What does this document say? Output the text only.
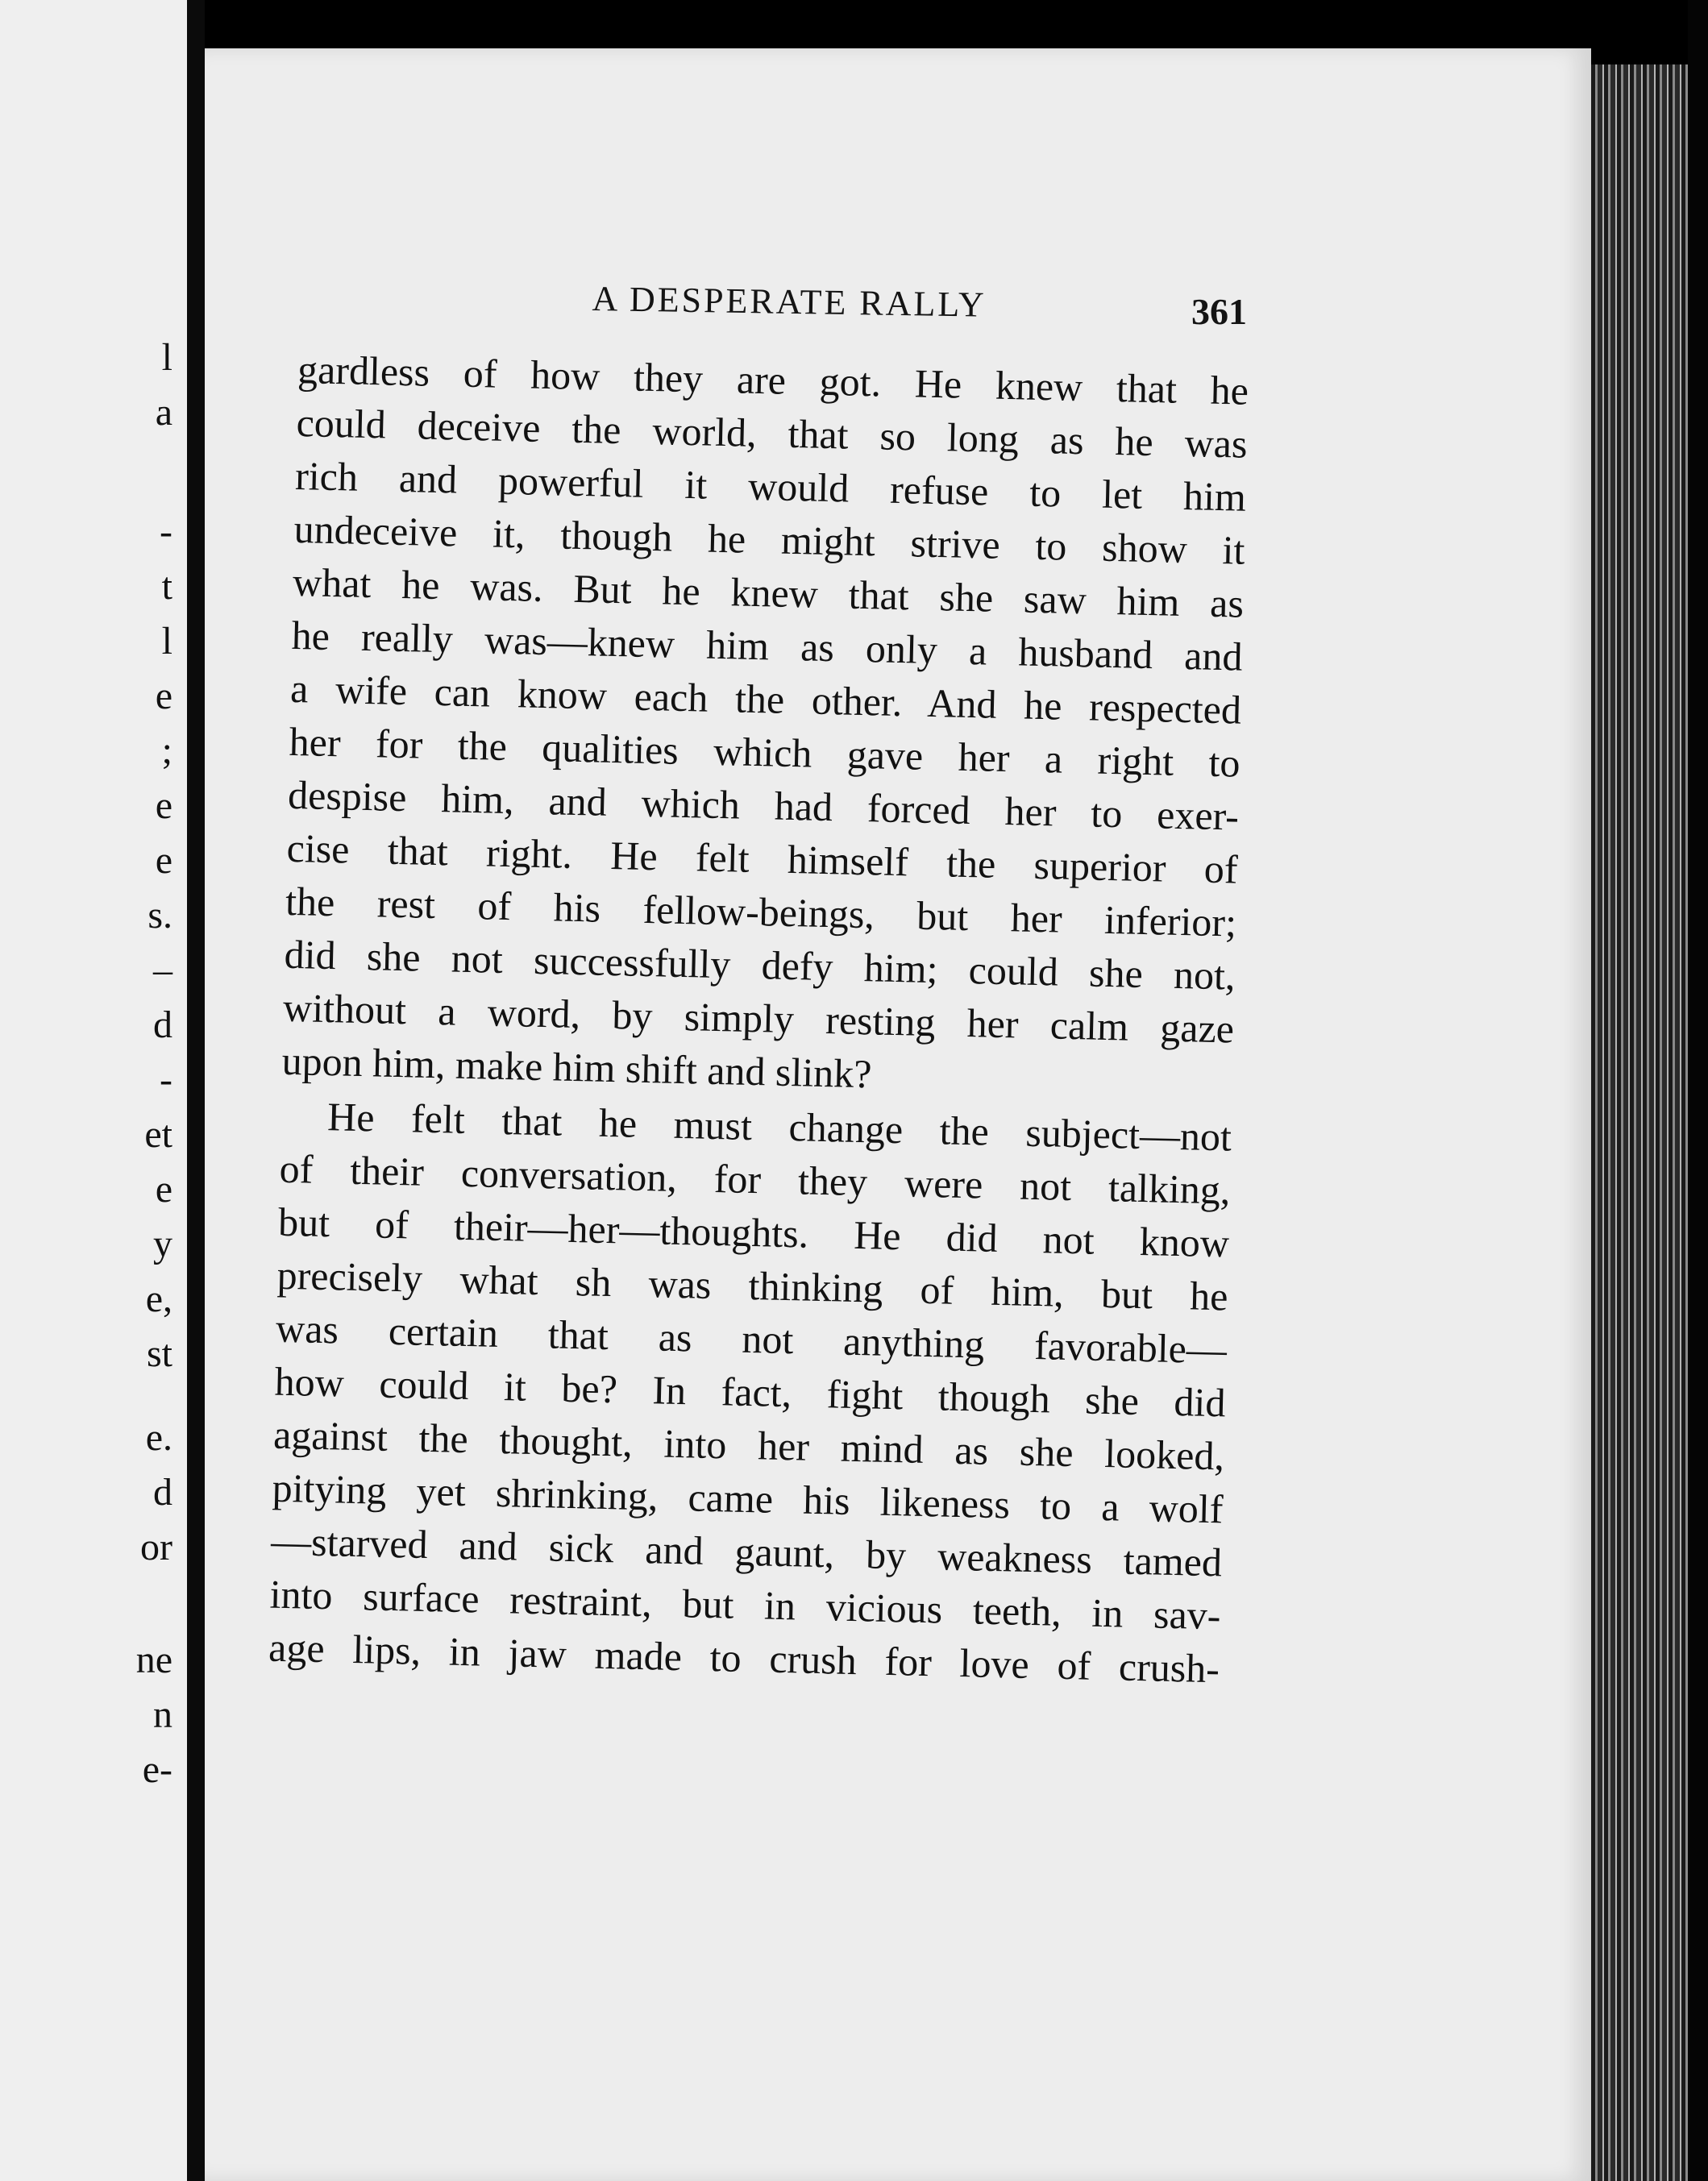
l
a
-
t
l
e
;
e
e
s.
–
d
-
et
e
y
e,
st
e.
d
or
ne
n
e-
A DESPERATE RALLY	361
gardless of how they are got. He knew that he
could deceive the world, that so long as he was
rich and powerful it would refuse to let him
undeceive it, though he might strive to show it
what he was. But he knew that she saw him as
he really was—knew him as only a husband and
a wife can know each the other. And he respected
her for the qualities which gave her a right to
despise him, and which had forced her to exer-
cise that right. He felt himself the superior of
the rest of his fellow-beings, but her inferior;
did she not successfully defy him; could she not,
without a word, by simply resting her calm gaze
upon him, make him shift and slink?
He felt that he must change the subject—not
of their conversation, for they were not talking,
but of their—her—thoughts. He did not know
precisely what sh was thinking of him, but he
was certain that as not anything favorable—
how could it be? In fact, fight though she did
against the thought, into her mind as she looked,
pitying yet shrinking, came his likeness to a wolf
—starved and sick and gaunt, by weakness tamed
into surface restraint, but in vicious teeth, in sav-
age lips, in jaw made to crush for love of crush-
